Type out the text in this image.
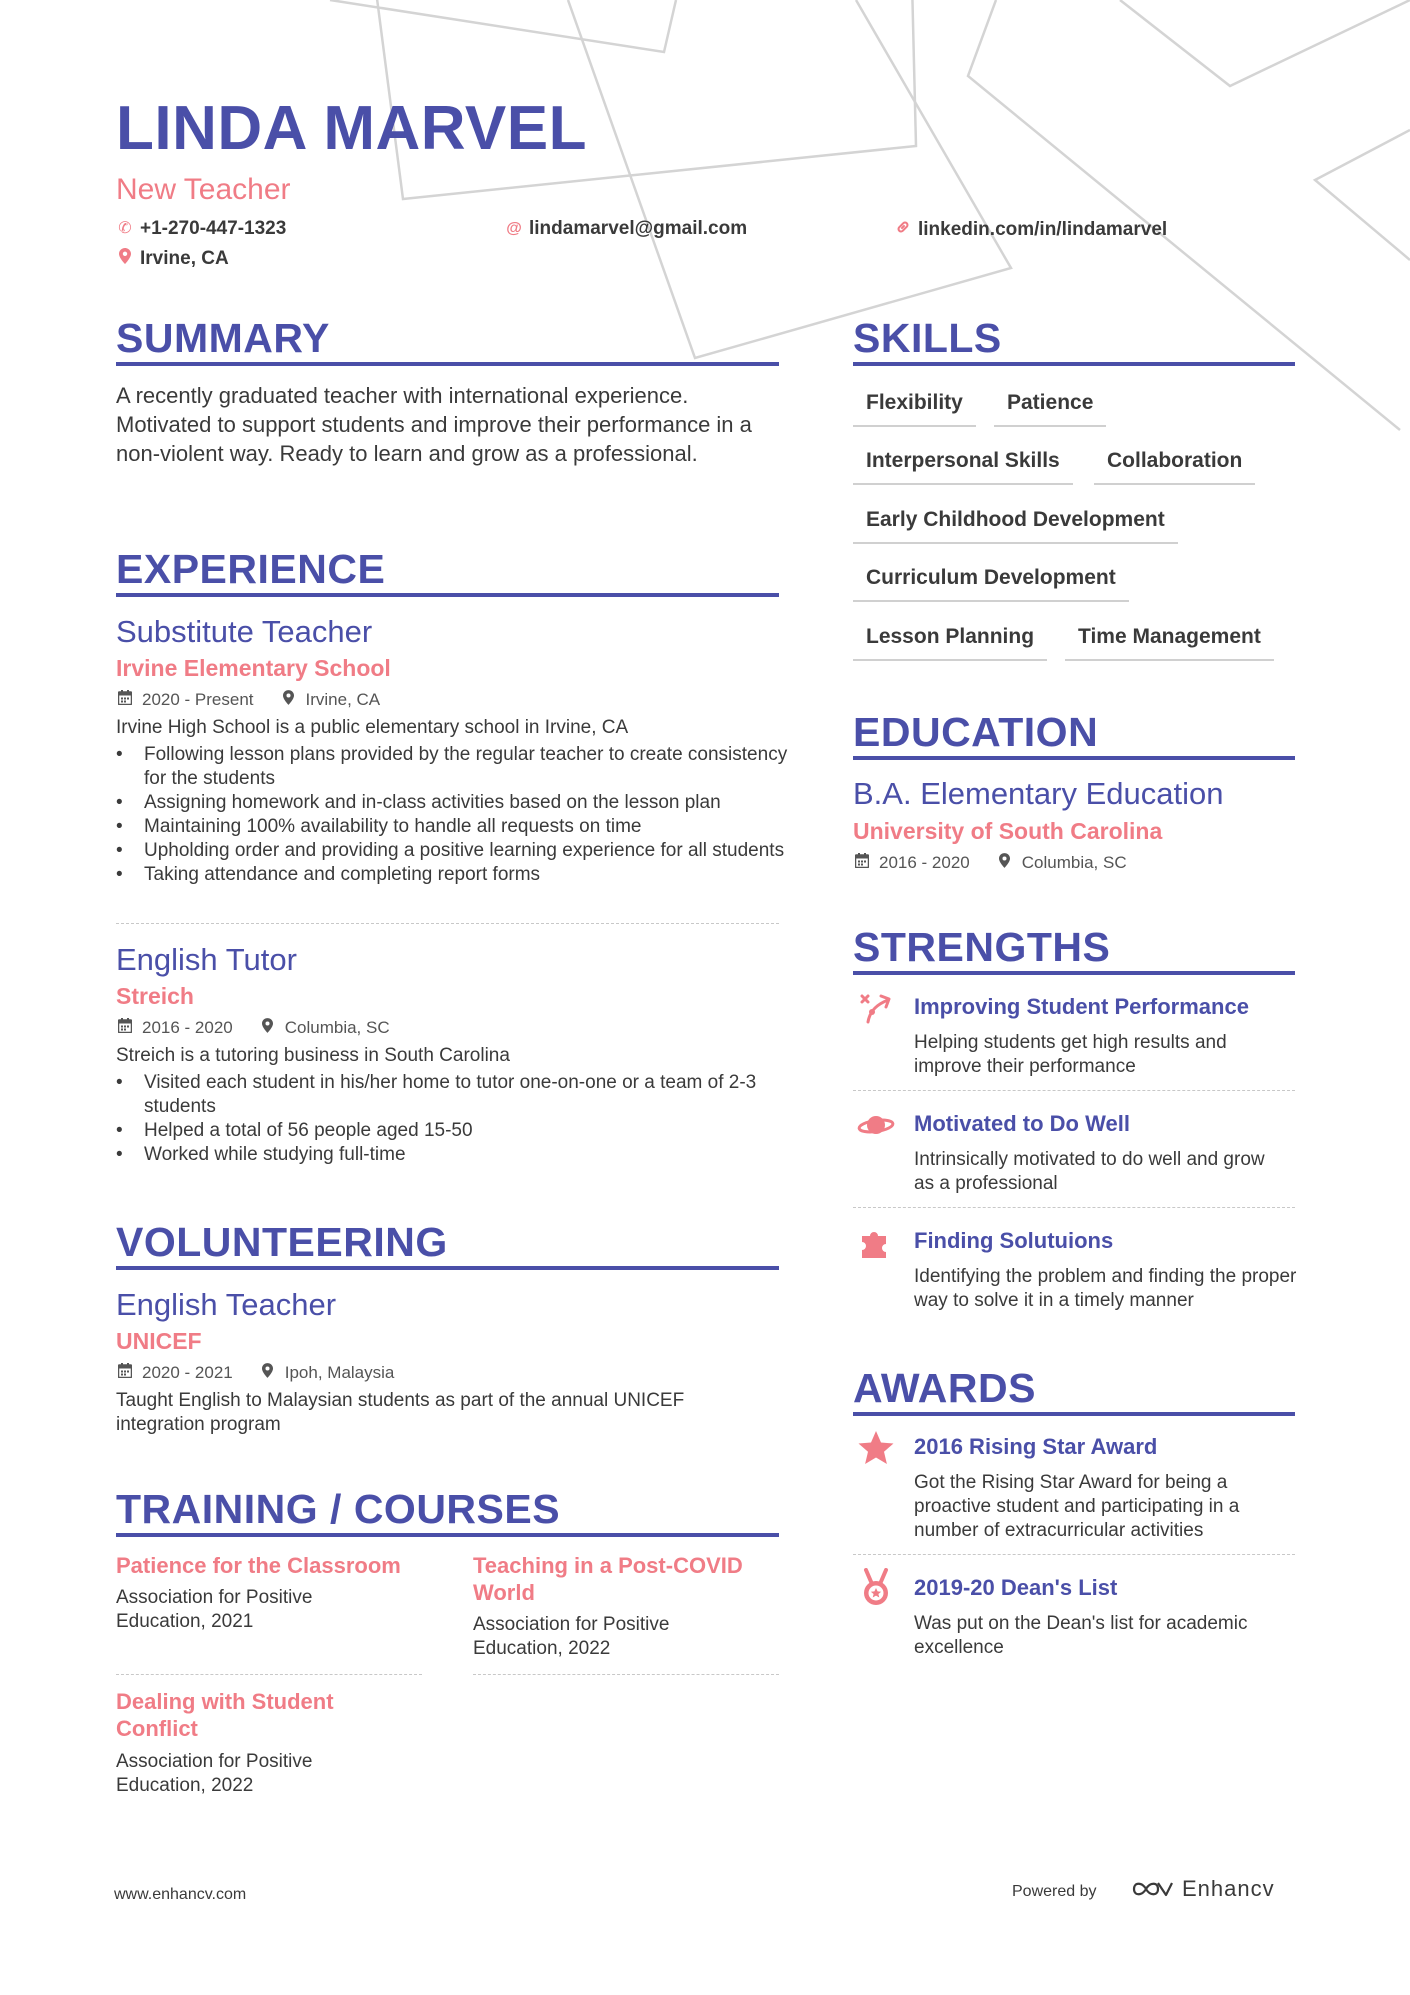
LINDA MARVEL
New Teacher
✆ +1-270-447-1323	@ lindamarvel@gmail.com	linkedin.com/in/lindamarvel
Irvine, CA
SUMMARY
A recently graduated teacher with international experience. Motivated to support students and improve their performance in a non-violent way. Ready to learn and grow as a professional.
EXPERIENCE
Substitute Teacher
Irvine Elementary School
2020 - Present	Irvine, CA
Irvine High School is a public elementary school in Irvine, CA
• Following lesson plans provided by the regular teacher to create consistency for the students
• Assigning homework and in-class activities based on the lesson plan
• Maintaining 100% availability to handle all requests on time
• Upholding order and providing a positive learning experience for all students
• Taking attendance and completing report forms
English Tutor
Streich
2016 - 2020	Columbia, SC
Streich is a tutoring business in South Carolina
• Visited each student in his/her home to tutor one-on-one or a team of 2-3 students
• Helped a total of 56 people aged 15-50
• Worked while studying full-time
VOLUNTEERING
English Teacher
UNICEF
2020 - 2021	Ipoh, Malaysia
Taught English to Malaysian students as part of the annual UNICEF integration program
TRAINING / COURSES
Patience for the Classroom
Association for Positive Education, 2021
Teaching in a Post-COVID World
Association for Positive Education, 2022
Dealing with Student Conflict
Association for Positive Education, 2022
SKILLS
Flexibility	Patience
Interpersonal Skills	Collaboration
Early Childhood Development
Curriculum Development
Lesson Planning	Time Management
EDUCATION
B.A. Elementary Education
University of South Carolina
2016 - 2020	Columbia, SC
STRENGTHS
Improving Student Performance
Helping students get high results and improve their performance
Motivated to Do Well
Intrinsically motivated to do well and grow as a professional
Finding Solutuions
Identifying the problem and finding the proper way to solve it in a timely manner
AWARDS
2016 Rising Star Award
Got the Rising Star Award for being a proactive student and participating in a number of extracurricular activities
2019-20 Dean's List
Was put on the Dean's list for academic excellence
www.enhancv.com	Powered by	Enhancv
